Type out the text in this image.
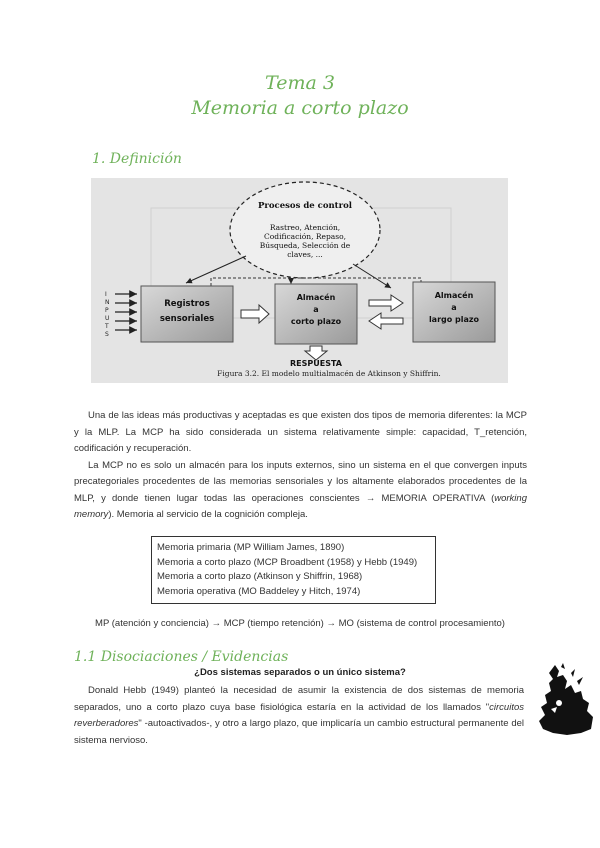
Tema 3
Memoria a corto plazo
1. Definición
Procesos de control
Rastreo, Atención,
Codificación, Repaso,
Búsqueda, Selección de
claves, ...
I
N
P
U
T
S
Registros
sensoriales
Almacén
a
corto plazo
Almacén
a
largo plazo
RESPUESTA
Figura 3.2. El modelo multialmacén de Atkinson y Shiffrin.

Una de las ideas más productivas y aceptadas es que existen dos tipos de memoria diferentes: la MCP y la MLP. La MCP ha sido considerada un sistema relativamente simple: capacidad, T_retención, codificación y recuperación.

La MCP no es solo un almacén para los inputs externos, sino un sistema en el que convergen inputs precategoriales procedentes de las memorias sensoriales y los altamente elaborados procedentes de la MLP, y donde tienen lugar todas las operaciones conscientes → MEMORIA OPERATIVA (working memory). Memoria al servicio de la cognición compleja.

Memoria primaria (MP William James, 1890)
Memoria a corto plazo (MCP Broadbent (1958) y Hebb (1949)
Memoria a corto plazo (Atkinson y Shiffrin, 1968)
Memoria operativa (MO Baddeley y Hitch, 1974)
MP (atención y conciencia) → MCP (tiempo retención) → MO (sistema de control procesamiento)
1.1 Disociaciones / Evidencias
¿Dos sistemas separados o un único sistema?

Donald Hebb (1949) planteó la necesidad de asumir la existencia de dos sistemas de memoria separados, uno a corto plazo cuya base fisiológica estaría en la actividad de los llamados "circuitos reverberadores" -autoactivados-, y otro a largo plazo, que implicaría un cambio estructural permanente del sistema nervioso.
